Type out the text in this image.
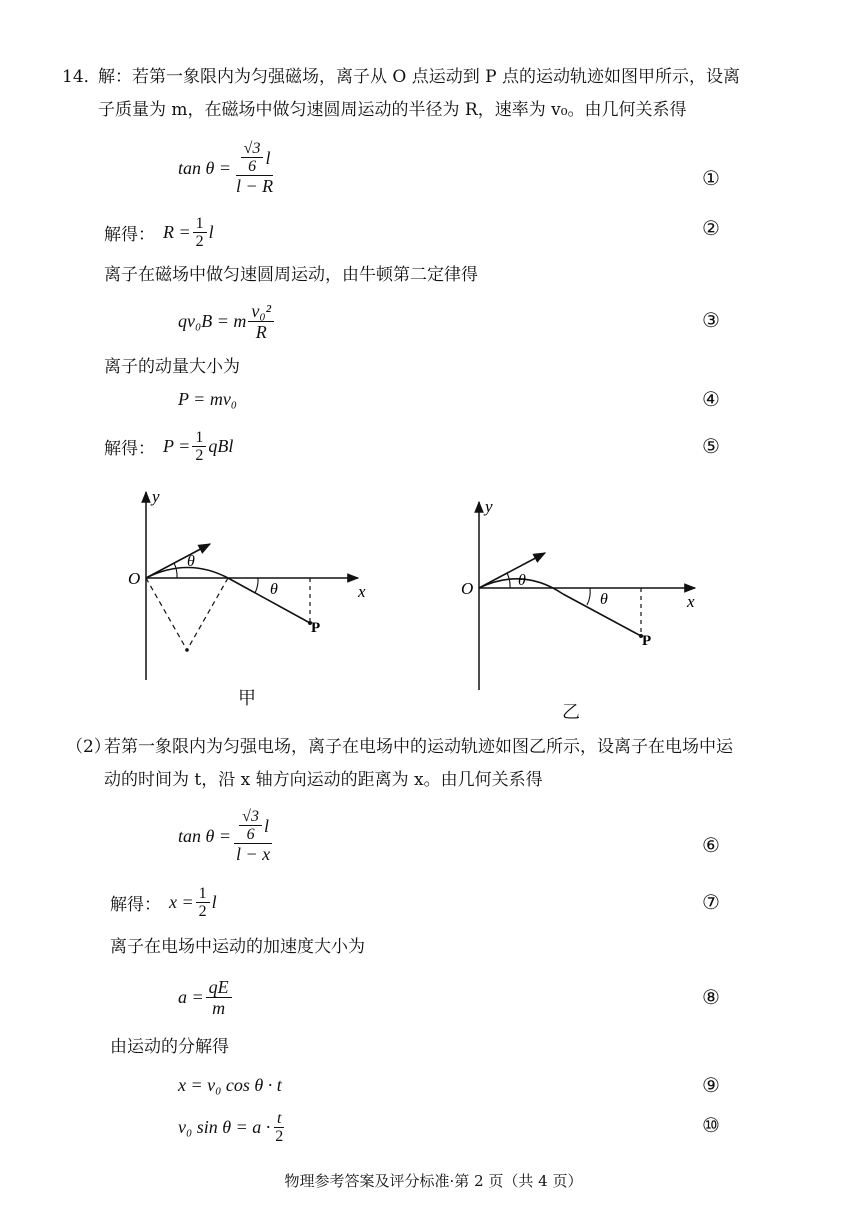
14．
解：若第一象限内为匀强磁场，离子从 O 点运动到 P 点的运动轨迹如图甲所示，设离
子质量为 m，在磁场中做匀速圆周运动的半径为 R，速率为 v₀。由几何关系得
$\tan \theta = \frac{\frac{√3}{6} l}{l - R}$	①
解得： $R = \frac{1}{2}$ l	②
离子在磁场中做匀速圆周运动，由牛顿第二定律得
qv₀B = m $\frac{\text{v₀²}}{R}$	③
离子的动量大小为
P = mv₀	④
解得： $P = \frac{1}{2}$ qBl	⑤
y
x
O
θ
θ
P
甲
y
x
O	θ
θ
P
乙
（2）
若第一象限内为匀强电场，离子在电场中的运动轨迹如图乙所示，设离子在电场中运
动的时间为 t，沿 x 轴方向运动的距离为 x。由几何关系得
$\tan \theta = \frac{\frac{√3}{6} l}{l - x}$	⑥
解得： $x = \frac{1}{2}$ l	⑦
离子在电场中运动的加速度大小为
$a = \frac{qE}{m}$	⑧
由运动的分解得
x = v₀ cos θ · t	⑨
v₀ $\sin \theta = a \cdot \frac{t}{2}$	⑩
物理参考答案及评分标准·第 2 页（共 4 页）
